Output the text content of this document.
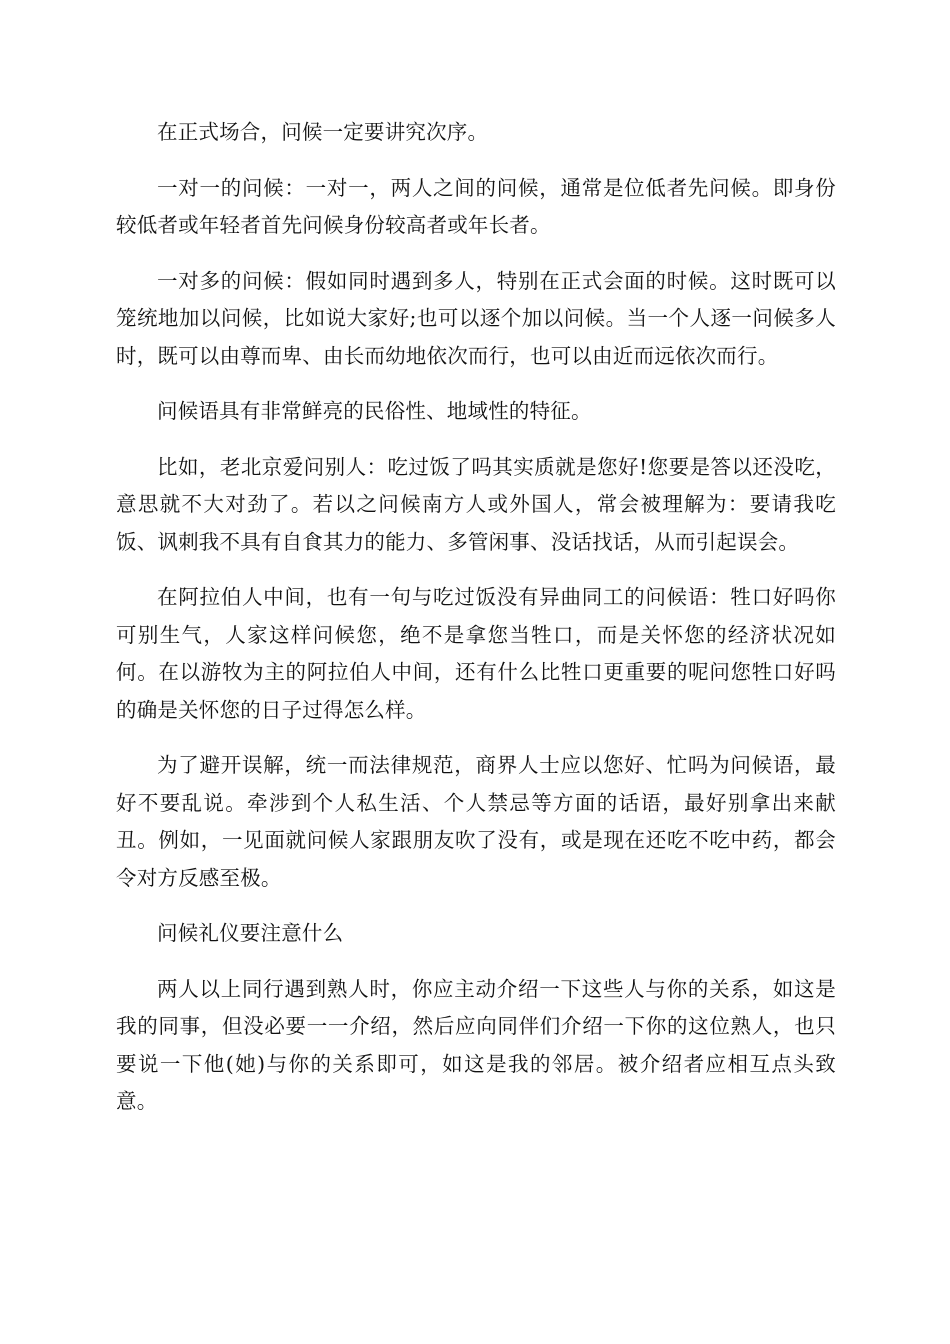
在正式场合，问候一定要讲究次序。

一对一的问候：一对一，两人之间的问候，通常是位低者先问候。即身份较低者或年轻者首先问候身份较高者或年长者。

一对多的问候：假如同时遇到多人，特别在正式会面的时候。这时既可以笼统地加以问候，比如说大家好;也可以逐个加以问候。当一个人逐一问候多人时，既可以由尊而卑、由长而幼地依次而行，也可以由近而远依次而行。

问候语具有非常鲜亮的民俗性、地域性的特征。

比如，老北京爱问别人：吃过饭了吗其实质就是您好!您要是答以还没吃，意思就不大对劲了。若以之问候南方人或外国人，常会被理解为：要请我吃饭、讽刺我不具有自食其力的能力、多管闲事、没话找话，从而引起误会。

在阿拉伯人中间，也有一句与吃过饭没有异曲同工的问候语：牲口好吗你可别生气，人家这样问候您，绝不是拿您当牲口，而是关怀您的经济状况如何。在以游牧为主的阿拉伯人中间，还有什么比牲口更重要的呢问您牲口好吗的确是关怀您的日子过得怎么样。

为了避开误解，统一而法律规范，商界人士应以您好、忙吗为问候语，最好不要乱说。牵涉到个人私生活、个人禁忌等方面的话语，最好别拿出来献丑。例如，一见面就问候人家跟朋友吹了没有，或是现在还吃不吃中药，都会令对方反感至极。

问候礼仪要注意什么

两人以上同行遇到熟人时，你应主动介绍一下这些人与你的关系，如这是我的同事，但没必要一一介绍，然后应向同伴们介绍一下你的这位熟人，也只要说一下他(她)与你的关系即可，如这是我的邻居。被介绍者应相互点头致意。
